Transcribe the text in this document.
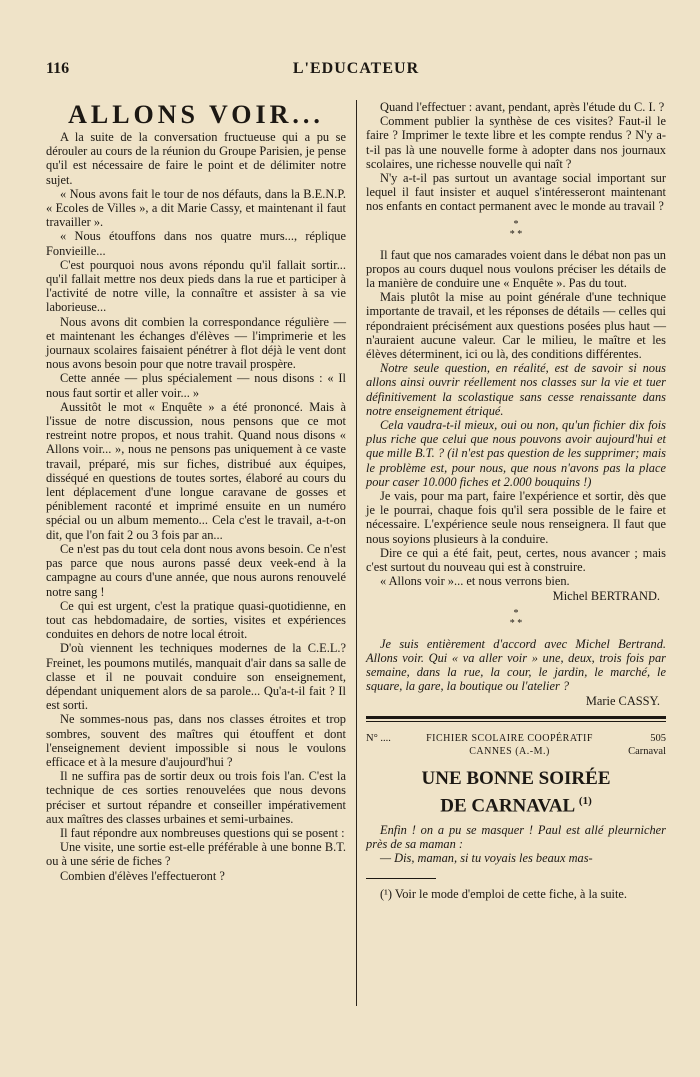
116	L'EDUCATEUR

ALLONS VOIR...

A la suite de la conversation fructueuse qui a pu se dérouler au cours de la réunion du Groupe Parisien, je pense qu'il est nécessaire de faire le point et de délimiter notre sujet.

« Nous avons fait le tour de nos défauts, dans la B.E.N.P. « Ecoles de Villes », a dit Marie Cassy, et maintenant il faut travailler ».

« Nous étouffons dans nos quatre murs..., réplique Fonvieille...

C'est pourquoi nous avons répondu qu'il fallait sortir... qu'il fallait mettre nos deux pieds dans la rue et participer à l'activité de notre ville, la connaître et assister à sa vie laborieuse...

Nous avons dit combien la correspondance régulière — et maintenant les échanges d'élèves — l'imprimerie et les journaux scolaires faisaient pénétrer à flot déjà le vent dont nous avons besoin pour que notre travail prospère.

Cette année — plus spécialement — nous disons : « Il nous faut sortir et aller voir... »

Aussitôt le mot « Enquête » a été prononcé. Mais à l'issue de notre discussion, nous pensons que ce mot restreint notre propos, et nous trahit. Quand nous disons « Allons voir... », nous ne pensons pas uniquement à ce vaste travail, préparé, mis sur fiches, distribué aux équipes, disséqué en questions de toutes sortes, élaboré au cours du lent déplacement d'une longue caravane de gosses et péniblement raconté et imprimé ensuite en un numéro spécial ou un album memento... Cela c'est le travail, a-t-on dit, que l'on fait 2 ou 3 fois par an...

Ce n'est pas du tout cela dont nous avons besoin. Ce n'est pas parce que nous aurons passé deux veek-end à la campagne au cours d'une année, que nous aurons renouvelé notre sang !

Ce qui est urgent, c'est la pratique quasi-quotidienne, en tout cas hebdomadaire, de sorties, visites et expériences conduites en dehors de notre local étroit.

D'où viennent les techniques modernes de la C.E.L.? Freinet, les poumons mutilés, manquait d'air dans sa salle de classe et il ne pouvait conduire son enseignement, dépendant uniquement alors de sa parole... Qu'a-t-il fait ? Il est sorti.

Ne sommes-nous pas, dans nos classes étroites et trop sombres, souvent des maîtres qui étouffent et dont l'enseignement devient impossible si nous le voulons efficace et à la mesure d'aujourd'hui ?

Il ne suffira pas de sortir deux ou trois fois l'an. C'est la technique de ces sorties renouvelées que nous devons préciser et surtout répandre et conseiller impérativement aux maîtres des classes urbaines et semi-urbaines.

Il faut répondre aux nombreuses questions qui se posent :

Une visite, une sortie est-elle préférable à une bonne B.T. ou à une série de fiches ?

Combien d'élèves l'effectueront ?

Quand l'effectuer : avant, pendant, après l'étude du C. I. ?

Comment publier la synthèse de ces visites? Faut-il le faire ? Imprimer le texte libre et les compte rendus ? N'y a-t-il pas là une nouvelle forme à adopter dans nos journaux scolaires, une richesse nouvelle qui naît ?

N'y a-t-il pas surtout un avantage social important sur lequel il faut insister et auquel s'intéresseront maintenant nos enfants en contact permanent avec le monde au travail ?

*
* *

Il faut que nos camarades voient dans le débat non pas un propos au cours duquel nous voulons préciser les détails de la manière de conduire une « Enquête ». Pas du tout.

Mais plutôt la mise au point générale d'une technique importante de travail, et les réponses de détails — celles qui répondraient précisément aux questions posées plus haut — n'auraient aucune valeur. Car le milieu, le maître et les élèves déterminent, ici ou là, des conditions différentes.

Notre seule question, en réalité, est de savoir si nous allons ainsi ouvrir réellement nos classes sur la vie et tuer définitivement la scolastique sans cesse renaissante dans notre enseignement étriqué.

Cela vaudra-t-il mieux, oui ou non, qu'un fichier dix fois plus riche que celui que nous pouvons avoir aujourd'hui et que mille B.T. ? (il n'est pas question de les supprimer; mais le problème est, pour nous, que nous n'avons pas la place pour caser 10.000 fiches et 2.000 bouquins !)

Je vais, pour ma part, faire l'expérience et sortir, dès que je le pourrai, chaque fois qu'il sera possible de le faire et nécessaire. L'expérience seule nous renseignera. Il faut que nous soyions plusieurs à la conduire.

Dire ce qui a été fait, peut, certes, nous avancer ; mais c'est surtout du nouveau qui est à construire.

« Allons voir »... et nous verrons bien.

Michel BERTRAND.
*
* *

Je suis entièrement d'accord avec Michel Bertrand. Allons voir. Qui « va aller voir » une, deux, trois fois par semaine, dans la rue, la cour, le jardin, le marché, le square, la gare, la boutique ou l'atelier ?

Marie CASSY.
N° ....	FICHIER SCOLAIRE COOPÉRATIF
CANNES (A.-M.)
505
Carnaval
UNE BONNE SOIRÉE
DE CARNAVAL $^{(1)}$

Enfin ! on a pu se masquer ! Paul est allé pleurnicher près de sa maman :

— Dis, maman, si tu voyais les beaux mas-

(¹) Voir le mode d'emploi de cette fiche, à la suite.
